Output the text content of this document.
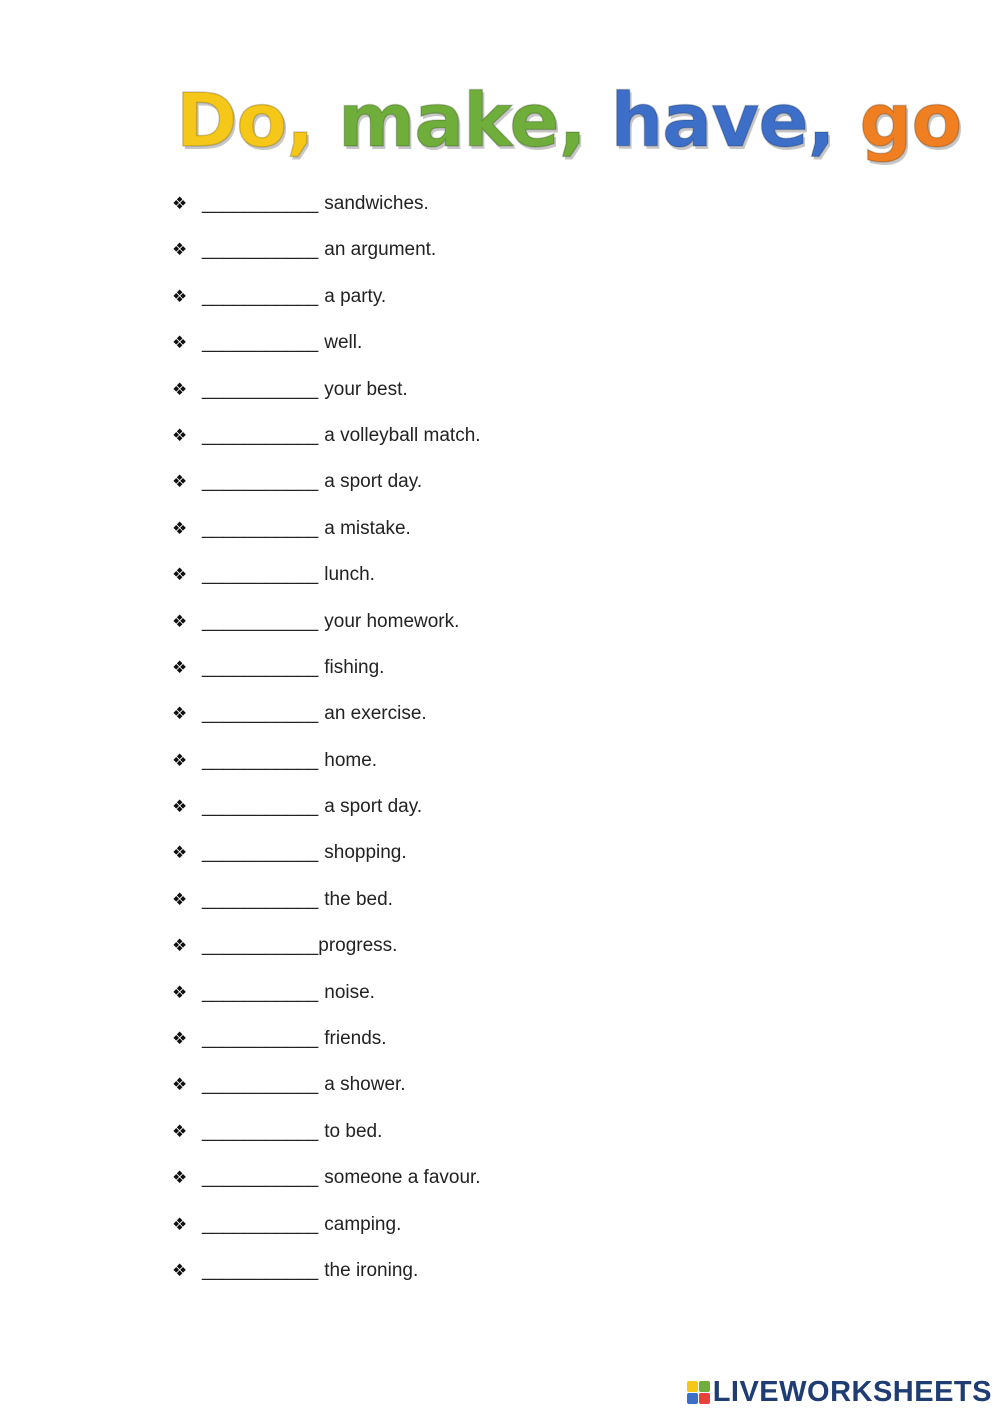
Do, make, have, go
❖ ___________ sandwiches.
❖ ___________ an argument.
❖ ___________ a party.
❖ ___________ well.
❖ ___________ your best.
❖ ___________ a volleyball match.
❖ ___________ a sport day.
❖ ___________ a mistake.
❖ ___________ lunch.
❖ ___________ your homework.
❖ ___________ fishing.
❖ ___________ an exercise.
❖ ___________ home.
❖ ___________ a sport day.
❖ ___________ shopping.
❖ ___________ the bed.
❖ ___________ progress.
❖ ___________ noise.
❖ ___________ friends.
❖ ___________ a shower.
❖ ___________ to bed.
❖ ___________ someone a favour.
❖ ___________ camping.
❖ ___________ the ironing.
LIVEWORKSHEETS
